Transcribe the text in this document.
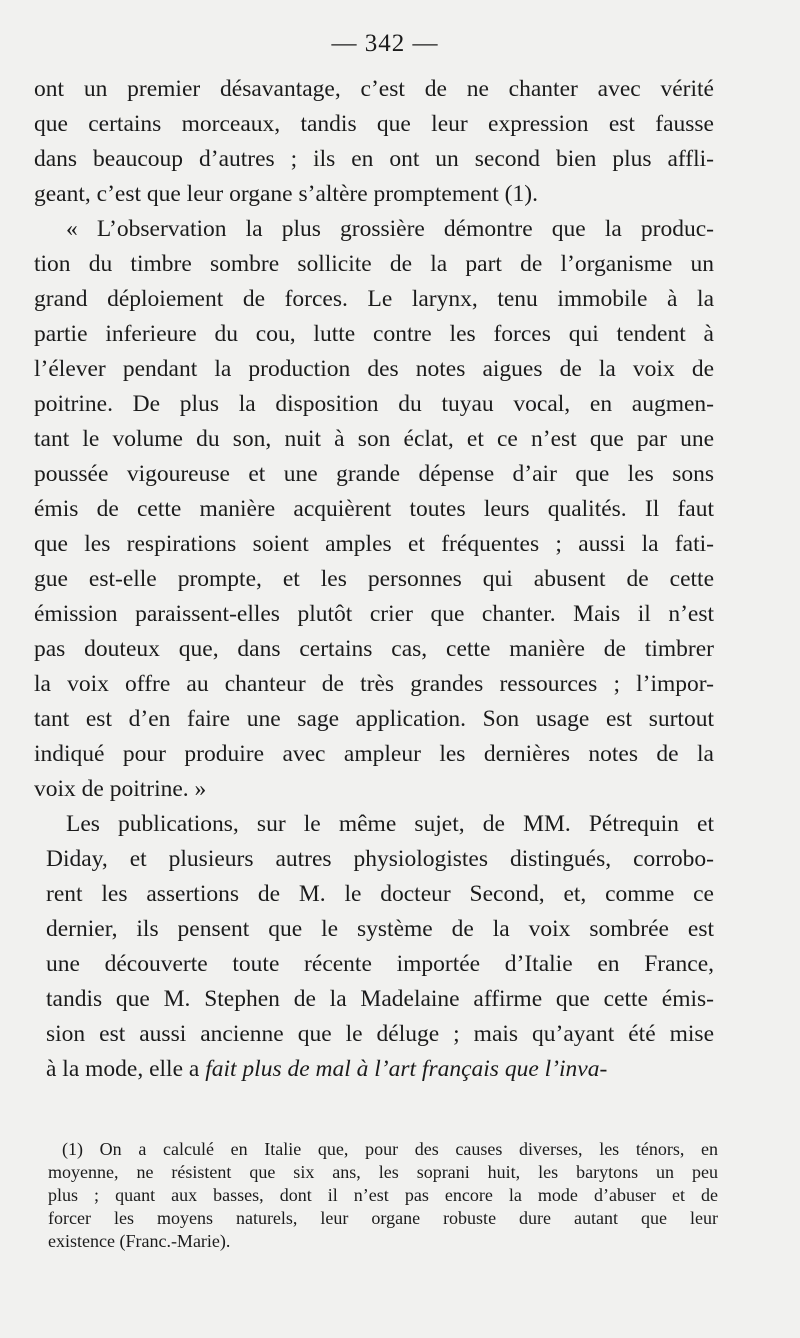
— 342 —
ont un premier désavantage, c’est de ne chanter avec vérité
que certains morceaux, tandis que leur expression est fausse
dans beaucoup d’autres ; ils en ont un second bien plus affli-
geant, c’est que leur organe s’altère promptement (1).
« L’observation la plus grossière démontre que la produc-
tion du timbre sombre sollicite de la part de l’organisme un
grand déploiement de forces. Le larynx, tenu immobile à la
partie inferieure du cou, lutte contre les forces qui tendent à
l’élever pendant la production des notes aigues de la voix de
poitrine. De plus la disposition du tuyau vocal, en augmen-
tant le volume du son, nuit à son éclat, et ce n’est que par une
poussée vigoureuse et une grande dépense d’air que les sons
émis de cette manière acquièrent toutes leurs qualités. Il faut
que les respirations soient amples et fréquentes ; aussi la fati-
gue est-elle prompte, et les personnes qui abusent de cette
émission paraissent-elles plutôt crier que chanter. Mais il n’est
pas douteux que, dans certains cas, cette manière de timbrer
la voix offre au chanteur de très grandes ressources ; l’impor-
tant est d’en faire une sage application. Son usage est surtout
indiqué pour produire avec ampleur les dernières notes de la
voix de poitrine. »
Les publications, sur le même sujet, de MM. Pétrequin et
Diday, et plusieurs autres physiologistes distingués, corrobo-
rent les assertions de M. le docteur Second, et, comme ce
dernier, ils pensent que le système de la voix sombrée est
une découverte toute récente importée d’Italie en France,
tandis que M. Stephen de la Madelaine affirme que cette émis-
sion est aussi ancienne que le déluge ; mais qu’ayant été mise
à la mode, elle a fait plus de mal à l’art français que l’inva-
(1) On a calculé en Italie que, pour des causes diverses, les ténors, en
moyenne, ne résistent que six ans, les soprani huit, les barytons un peu
plus ; quant aux basses, dont il n’est pas encore la mode d’abuser et de
forcer les moyens naturels, leur organe robuste dure autant que leur
existence (Franc.-Marie).
